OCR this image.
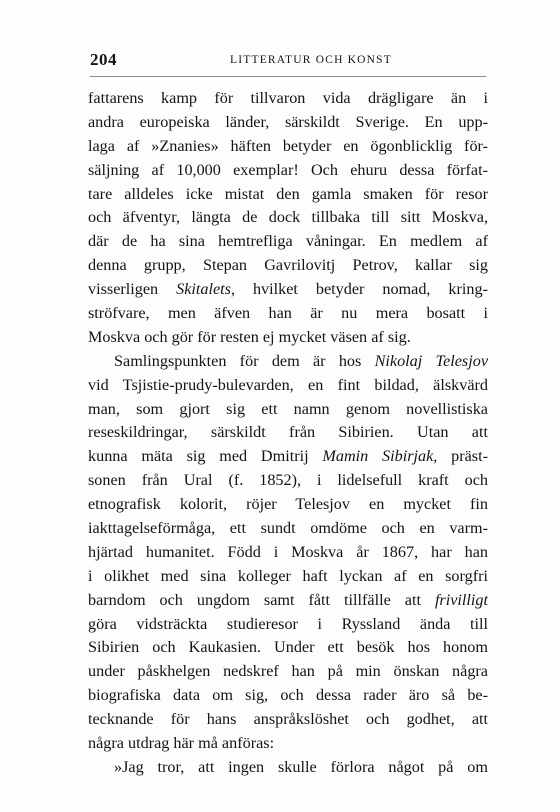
204	LITTERATUR OCH KONST
fattarens kamp för tillvaron vida drägligare än i
andra europeiska länder, särskildt Sverige. En upp-
laga af »Znanies» häften betyder en ögonblicklig för-
säljning af 10,000 exemplar! Och ehuru dessa förfat-
tare alldeles icke mistat den gamla smaken för resor
och äfventyr, längta de dock tillbaka till sitt Moskva,
där de ha sina hemtrefliga våningar. En medlem af
denna grupp, Stepan Gavrilovitj Petrov, kallar sig
visserligen Skitalets, hvilket betyder nomad, kring-
ströfvare, men äfven han är nu mera bosatt i
Moskva och gör för resten ej mycket väsen af sig.
Samlingspunkten för dem är hos Nikolaj Telesjov
vid Tsjistie-prudy-bulevarden, en fint bildad, älskvärd
man, som gjort sig ett namn genom novellistiska
reseskildringar, särskildt från Sibirien. Utan att
kunna mäta sig med Dmitrij Mamin Sibirjak, präst-
sonen från Ural (f. 1852), i lidelsefull kraft och
etnografisk kolorit, röjer Telesjov en mycket fin
iakttagelseförmåga, ett sundt omdöme och en varm-
hjärtad humanitet. Född i Moskva år 1867, har han
i olikhet med sina kolleger haft lyckan af en sorgfri
barndom och ungdom samt fått tillfälle att frivilligt
göra vidsträckta studieresor i Ryssland ända till
Sibirien och Kaukasien. Under ett besök hos honom
under påskhelgen nedskref han på min önskan några
biografiska data om sig, och dessa rader äro så be-
tecknande för hans anspråkslöshet och godhet, att
några utdrag här må anföras:
»Jag tror, att ingen skulle förlora något på om
